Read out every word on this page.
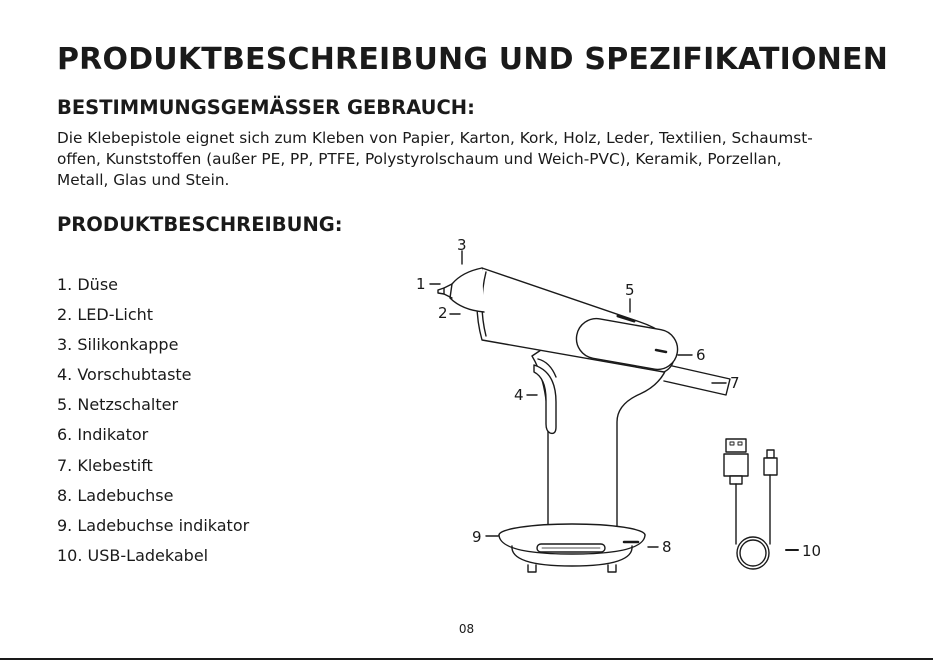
PRODUKTBESCHREIBUNG UND SPEZIFIKATIONEN
BESTIMMUNGSGEMÄSSER GEBRAUCH:

Die Klebepistole eignet sich zum Kleben von Papier, Karton, Kork, Holz, Leder, Textilien, Schaumst-
offen, Kunststoffen (außer PE, PP, PTFE, Polystyrolschaum und Weich-PVC), Keramik, Porzellan,
Metall, Glas und Stein.

PRODUKTBESCHREIBUNG:
1. Düse
2. LED-Licht
3. Silikonkappe
4. Vorschubtaste
5. Netzschalter
6. Indikator
7. Klebestift
8. Ladebuchse
9. Ladebuchse indikator
10. USB-Ladekabel
1
2
3
4
5
6
7
8
9
10
08
